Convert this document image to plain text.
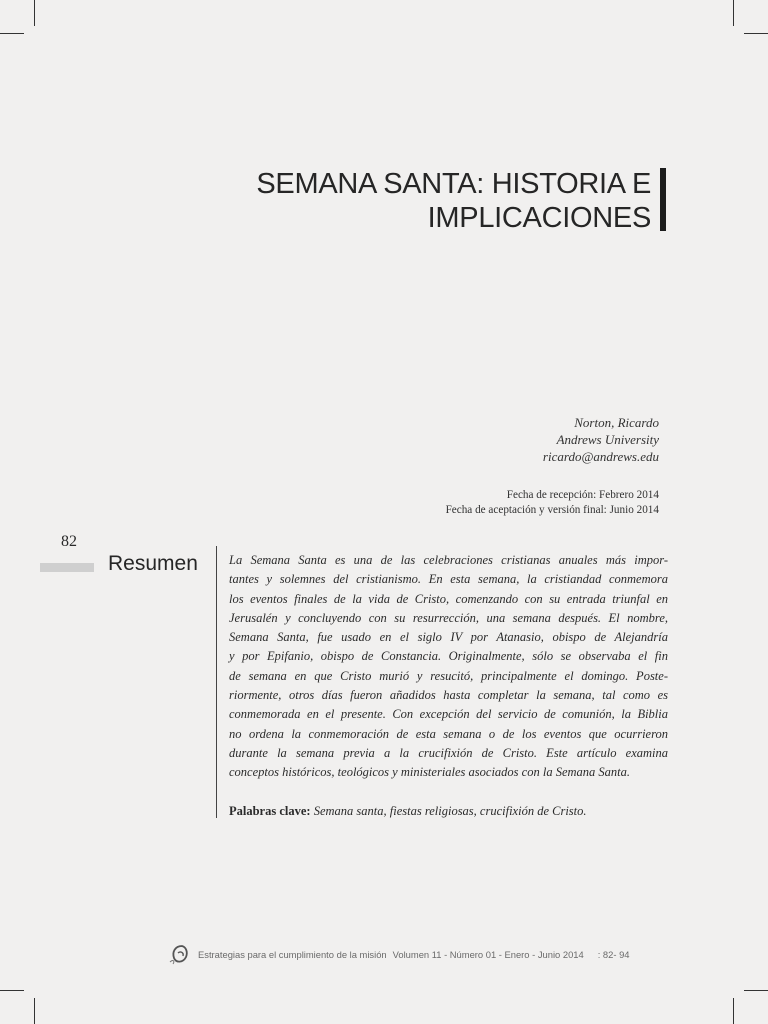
SEMANA SANTA: HISTORIA E
IMPLICACIONES
Norton, Ricardo
Andrews University
ricardo@andrews.edu
Fecha de recepción: Febrero 2014
Fecha de aceptación y versión final: Junio 2014
82
Resumen La Semana Santa es una de las celebraciones cristianas anuales más impor-
tantes y solemnes del cristianismo. En esta semana, la cristiandad conmemora
los eventos finales de la vida de Cristo, comenzando con su entrada triunfal en
Jerusalén y concluyendo con su resurrección, una semana después. El nombre,
Semana Santa, fue usado en el siglo IV por Atanasio, obispo de Alejandría
y por Epifanio, obispo de Constancia. Originalmente, sólo se observaba el fin
de semana en que Cristo murió y resucitó, principalmente el domingo. Poste-
riormente, otros días fueron añadidos hasta completar la semana, tal como es
conmemorada en el presente. Con excepción del servicio de comunión, la Biblia
no ordena la conmemoración de esta semana o de los eventos que ocurrieron
durante la semana previa a la crucifixión de Cristo. Este artículo examina
conceptos históricos, teológicos y ministeriales asociados con la Semana Santa.
Palabras clave: Semana santa, fiestas religiosas, crucifixión de Cristo.
Estrategias para el cumplimiento de la misión Volumen 11 - Número 01 - Enero - Junio 2014 : 82- 94
